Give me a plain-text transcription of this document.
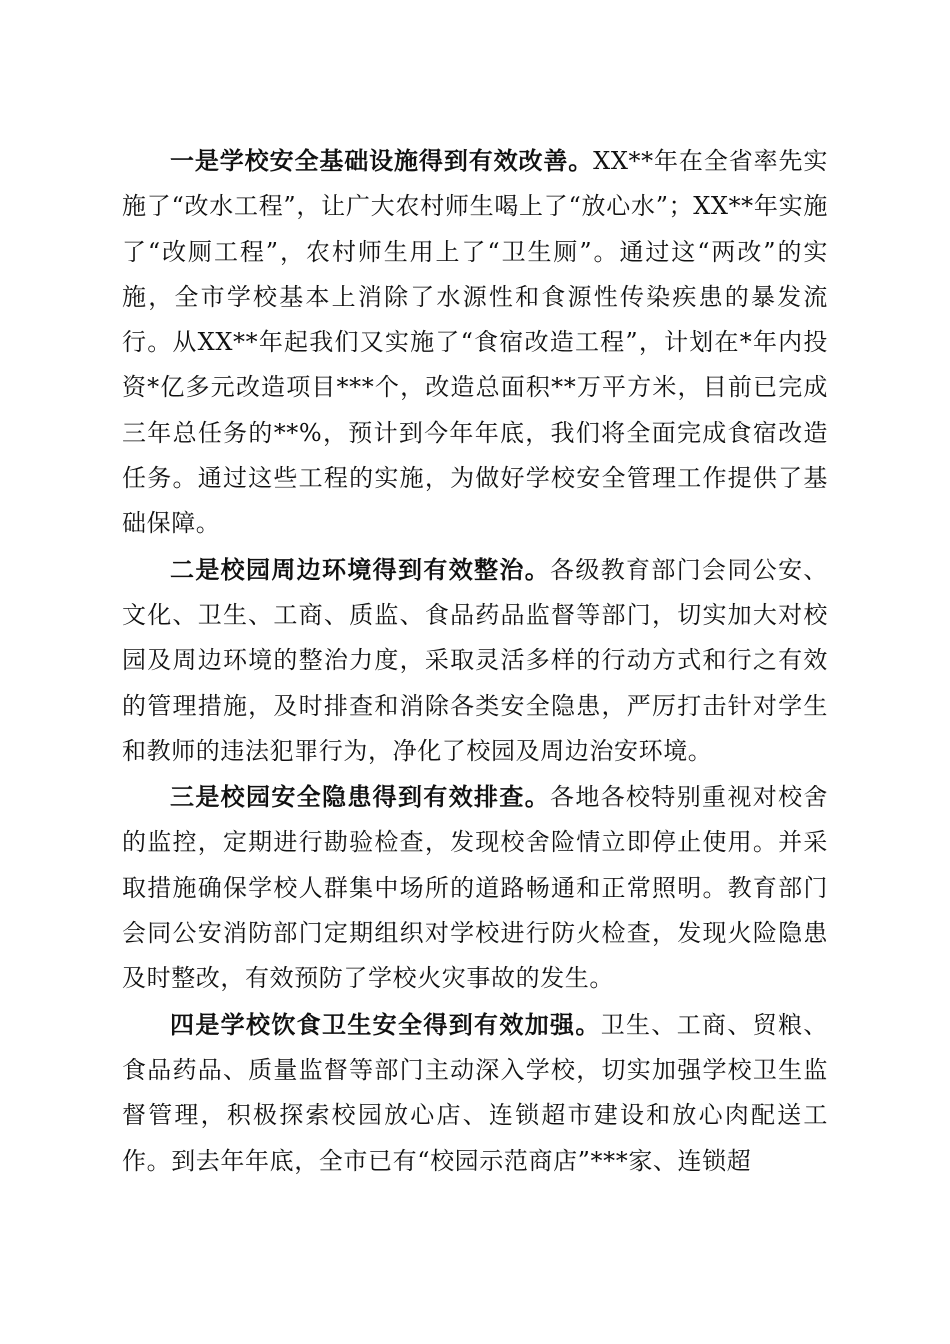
一是学校安全基础设施得到有效改善。XX**年在全省率先实施了“改水工程”，让广大农村师生喝上了“放心水”；XX**年实施了“改厕工程”，农村师生用上了“卫生厕”。通过这“两改”的实施，全市学校基本上消除了水源性和食源性传染疾患的暴发流行。从XX**年起我们又实施了“食宿改造工程”，计划在*年内投资*亿多元改造项目***个，改造总面积**万平方米，目前已完成三年总任务的**%，预计到今年年底，我们将全面完成食宿改造任务。通过这些工程的实施，为做好学校安全管理工作提供了基础保障。

二是校园周边环境得到有效整治。各级教育部门会同公安、文化、卫生、工商、质监、食品药品监督等部门，切实加大对校园及周边环境的整治力度，采取灵活多样的行动方式和行之有效的管理措施，及时排查和消除各类安全隐患，严厉打击针对学生和教师的违法犯罪行为，净化了校园及周边治安环境。

三是校园安全隐患得到有效排查。各地各校特别重视对校舍的监控，定期进行勘验检查，发现校舍险情立即停止使用。并采取措施确保学校人群集中场所的道路畅通和正常照明。教育部门会同公安消防部门定期组织对学校进行防火检查，发现火险隐患及时整改，有效预防了学校火灾事故的发生。

四是学校饮食卫生安全得到有效加强。卫生、工商、贸粮、食品药品、质量监督等部门主动深入学校，切实加强学校卫生监督管理，积极探索校园放心店、连锁超市建设和放心肉配送工作。到去年年底，全市已有“校园示范商店”***家、连锁超
